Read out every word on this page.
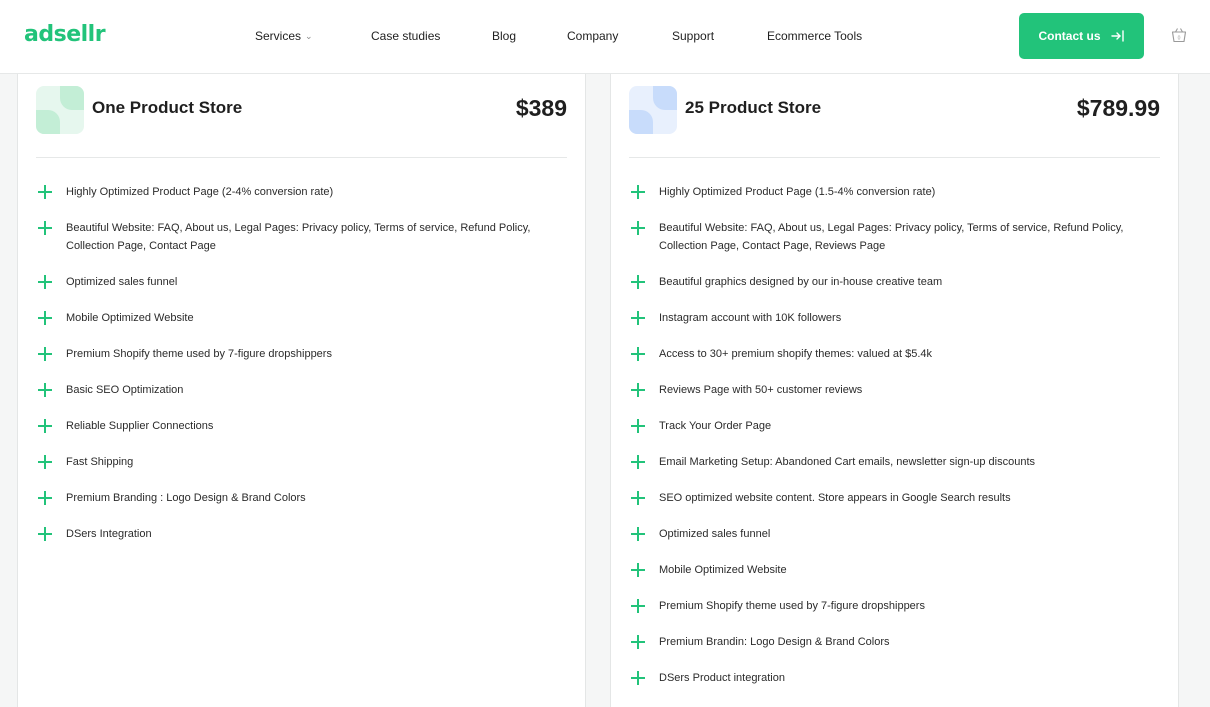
adsellr	Services ⌄	Case studies	Blog	Company	Support	Ecommerce Tools	Contact us	0
One Product Store	$389
Highly Optimized Product Page (2-4% conversion rate)
Beautiful Website: FAQ, About us, Legal Pages: Privacy policy, Terms of service, Refund Policy, Collection Page, Contact Page
Optimized sales funnel
Mobile Optimized Website
Premium Shopify theme used by 7-figure dropshippers
Basic SEO Optimization
Reliable Supplier Connections
Fast Shipping
Premium Branding : Logo Design & Brand Colors
DSers Integration
25 Product Store	$789.99
Highly Optimized Product Page (1.5-4% conversion rate)
Beautiful Website: FAQ, About us, Legal Pages: Privacy policy, Terms of service, Refund Policy, Collection Page, Contact Page, Reviews Page
Beautiful graphics designed by our in-house creative team
Instagram account with 10K followers
Access to 30+ premium shopify themes: valued at $5.4k
Reviews Page with 50+ customer reviews
Track Your Order Page
Email Marketing Setup: Abandoned Cart emails, newsletter sign-up discounts
SEO optimized website content. Store appears in Google Search results
Optimized sales funnel
Mobile Optimized Website
Premium Shopify theme used by 7-figure dropshippers
Premium Brandin: Logo Design & Brand Colors
DSers Product integration
